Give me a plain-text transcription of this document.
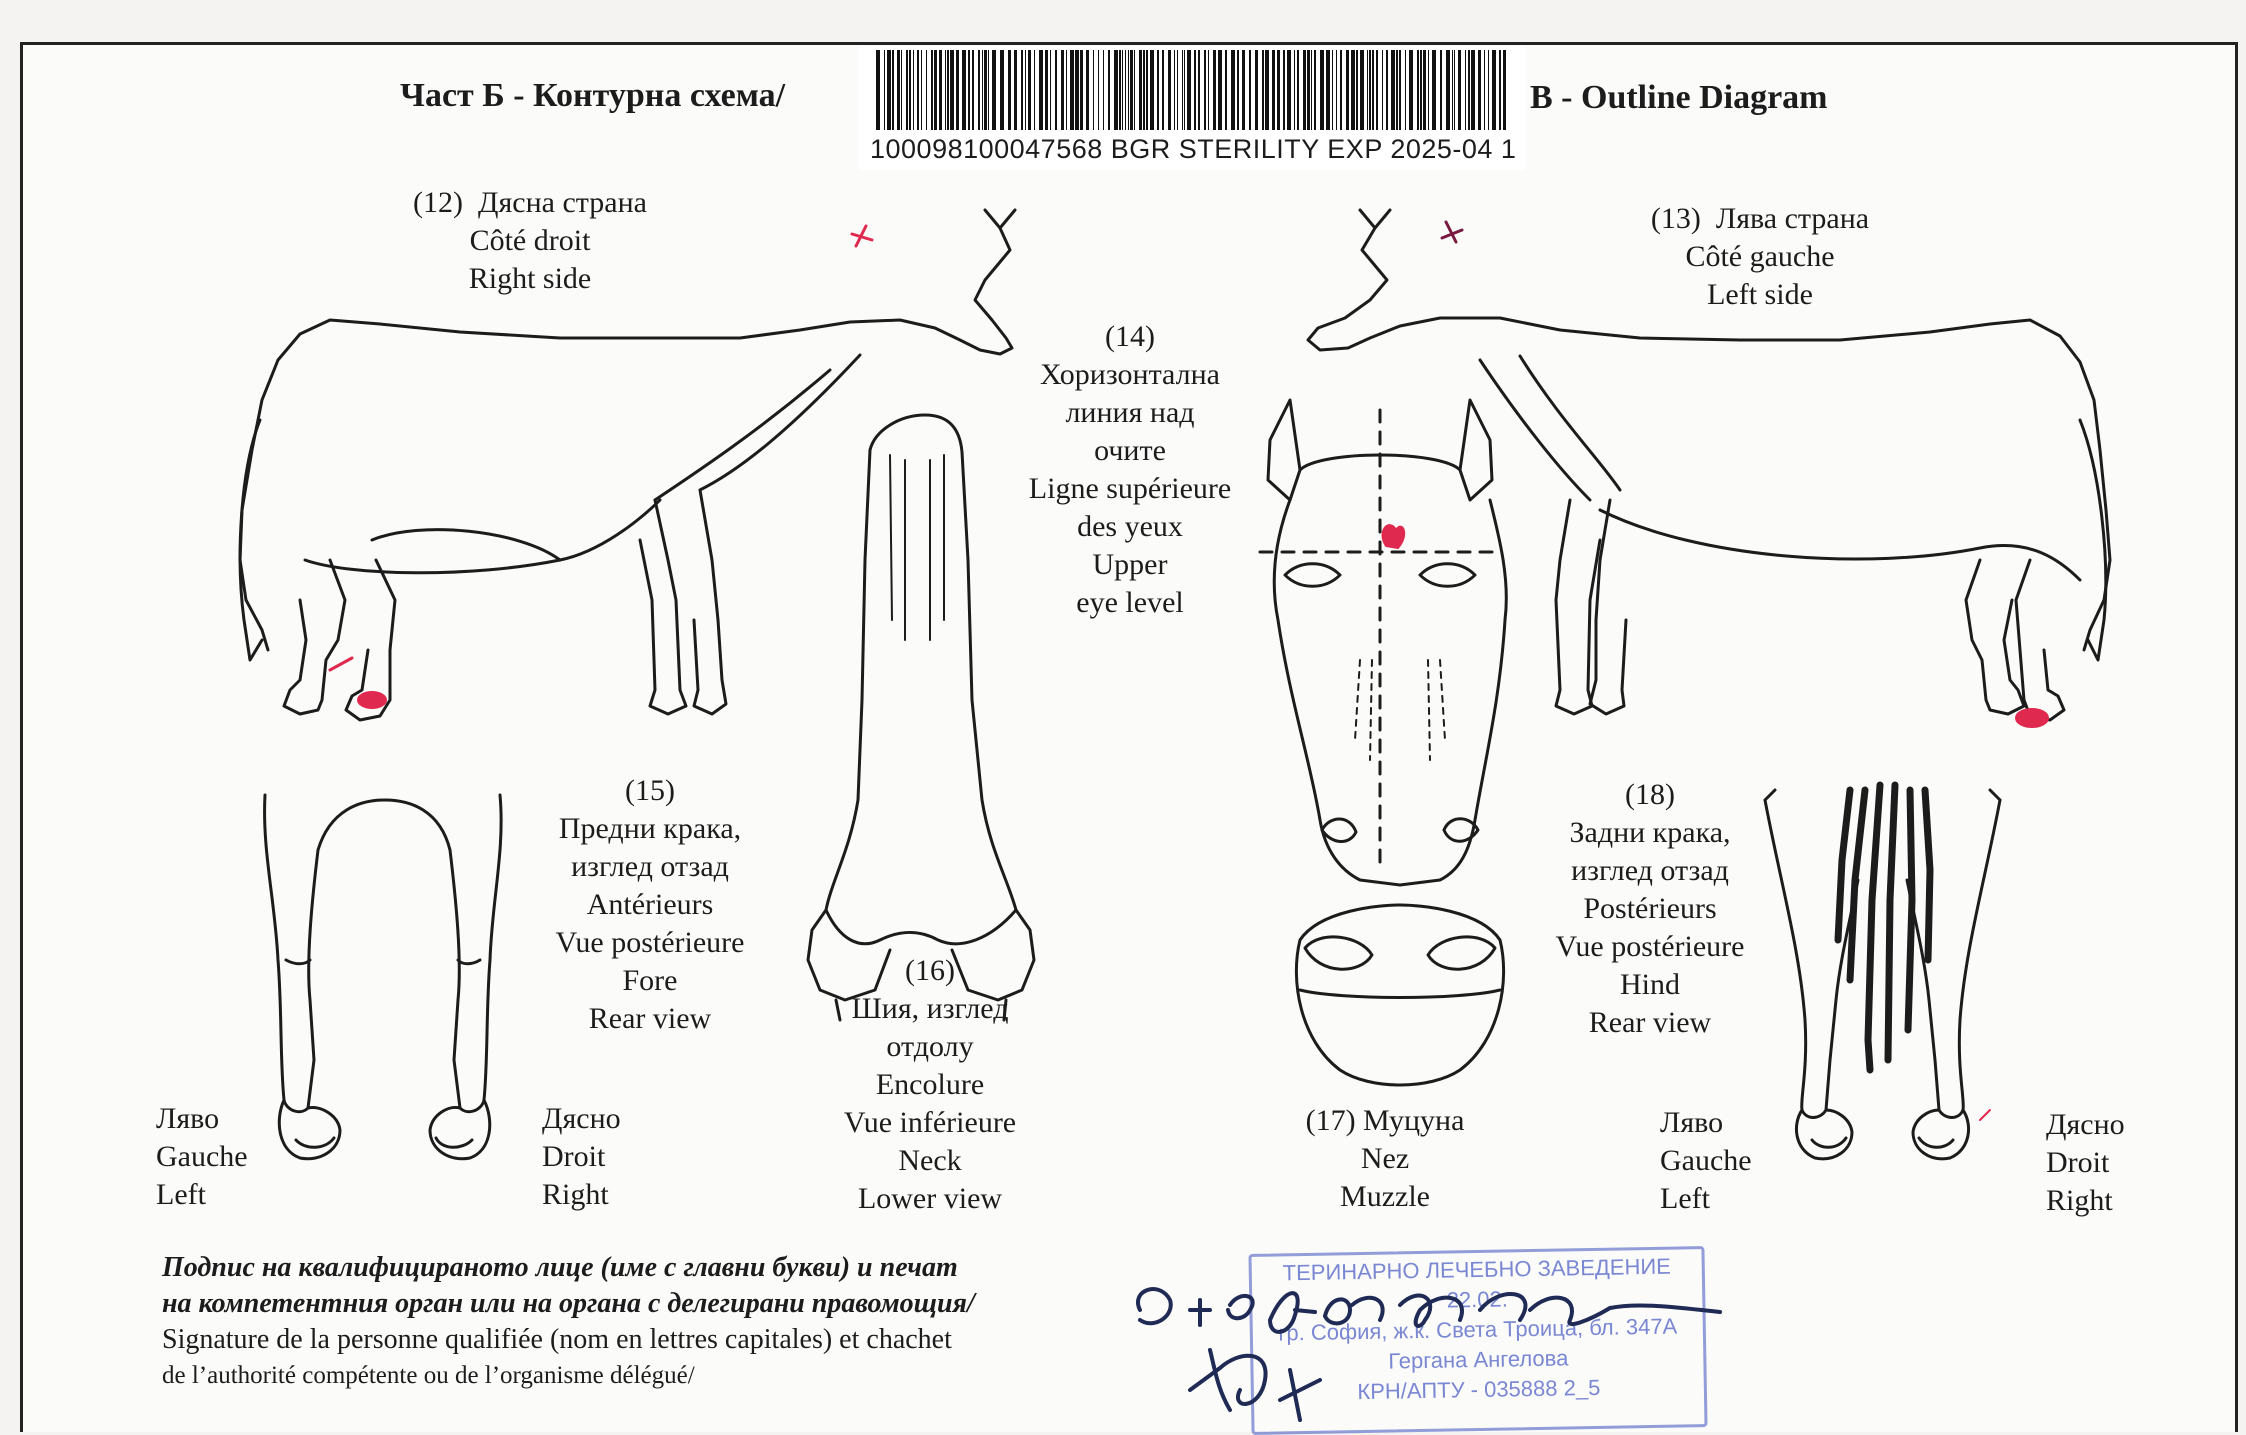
Част Б - Контурна схема/	B - Outline Diagram
100098100047568 BGR STERILITY EXP 2025-04 1
(12) Дясна страна
Côté droit
Right side
(13) Лява страна
Côté gauche
Left side
(14)
Хоризонтална
линия над
очите
Ligne supérieure
des yeux
Upper
eye level
(15)
Предни крака,
изглед отзад
Antérieurs
Vue postérieure
Fore
Rear view
Ляво
Gauche
Left
Дясно
Droit
Right
(16)
Шия, изглед
отдолу
Encolure
Vue inférieure
Neck
Lower view
(17) Муцуна
Nez
Muzzle
(18)
Задни крака,
изглед отзад
Postérieurs
Vue postérieure
Hind
Rear view
Ляво
Gauche
Left
Дясно
Droit
Right
Подпис на квалифицираното лице (име с главни букви) и печат
на компетентния орган или на органа с делегирани правомощия/
Signature de la personne qualifiée (nom en lettres capitales) et chachet
de l’authorité compétente ou de l’organisme délégué/
ТЕРИНАРНО ЛЕЧЕБНО ЗАВЕДЕНИЕ
22.02.
гр. София, ж.к. Света Троица, бл. 347А
Гергана Ангелова
КРН/АПТУ - 035888 2_5
